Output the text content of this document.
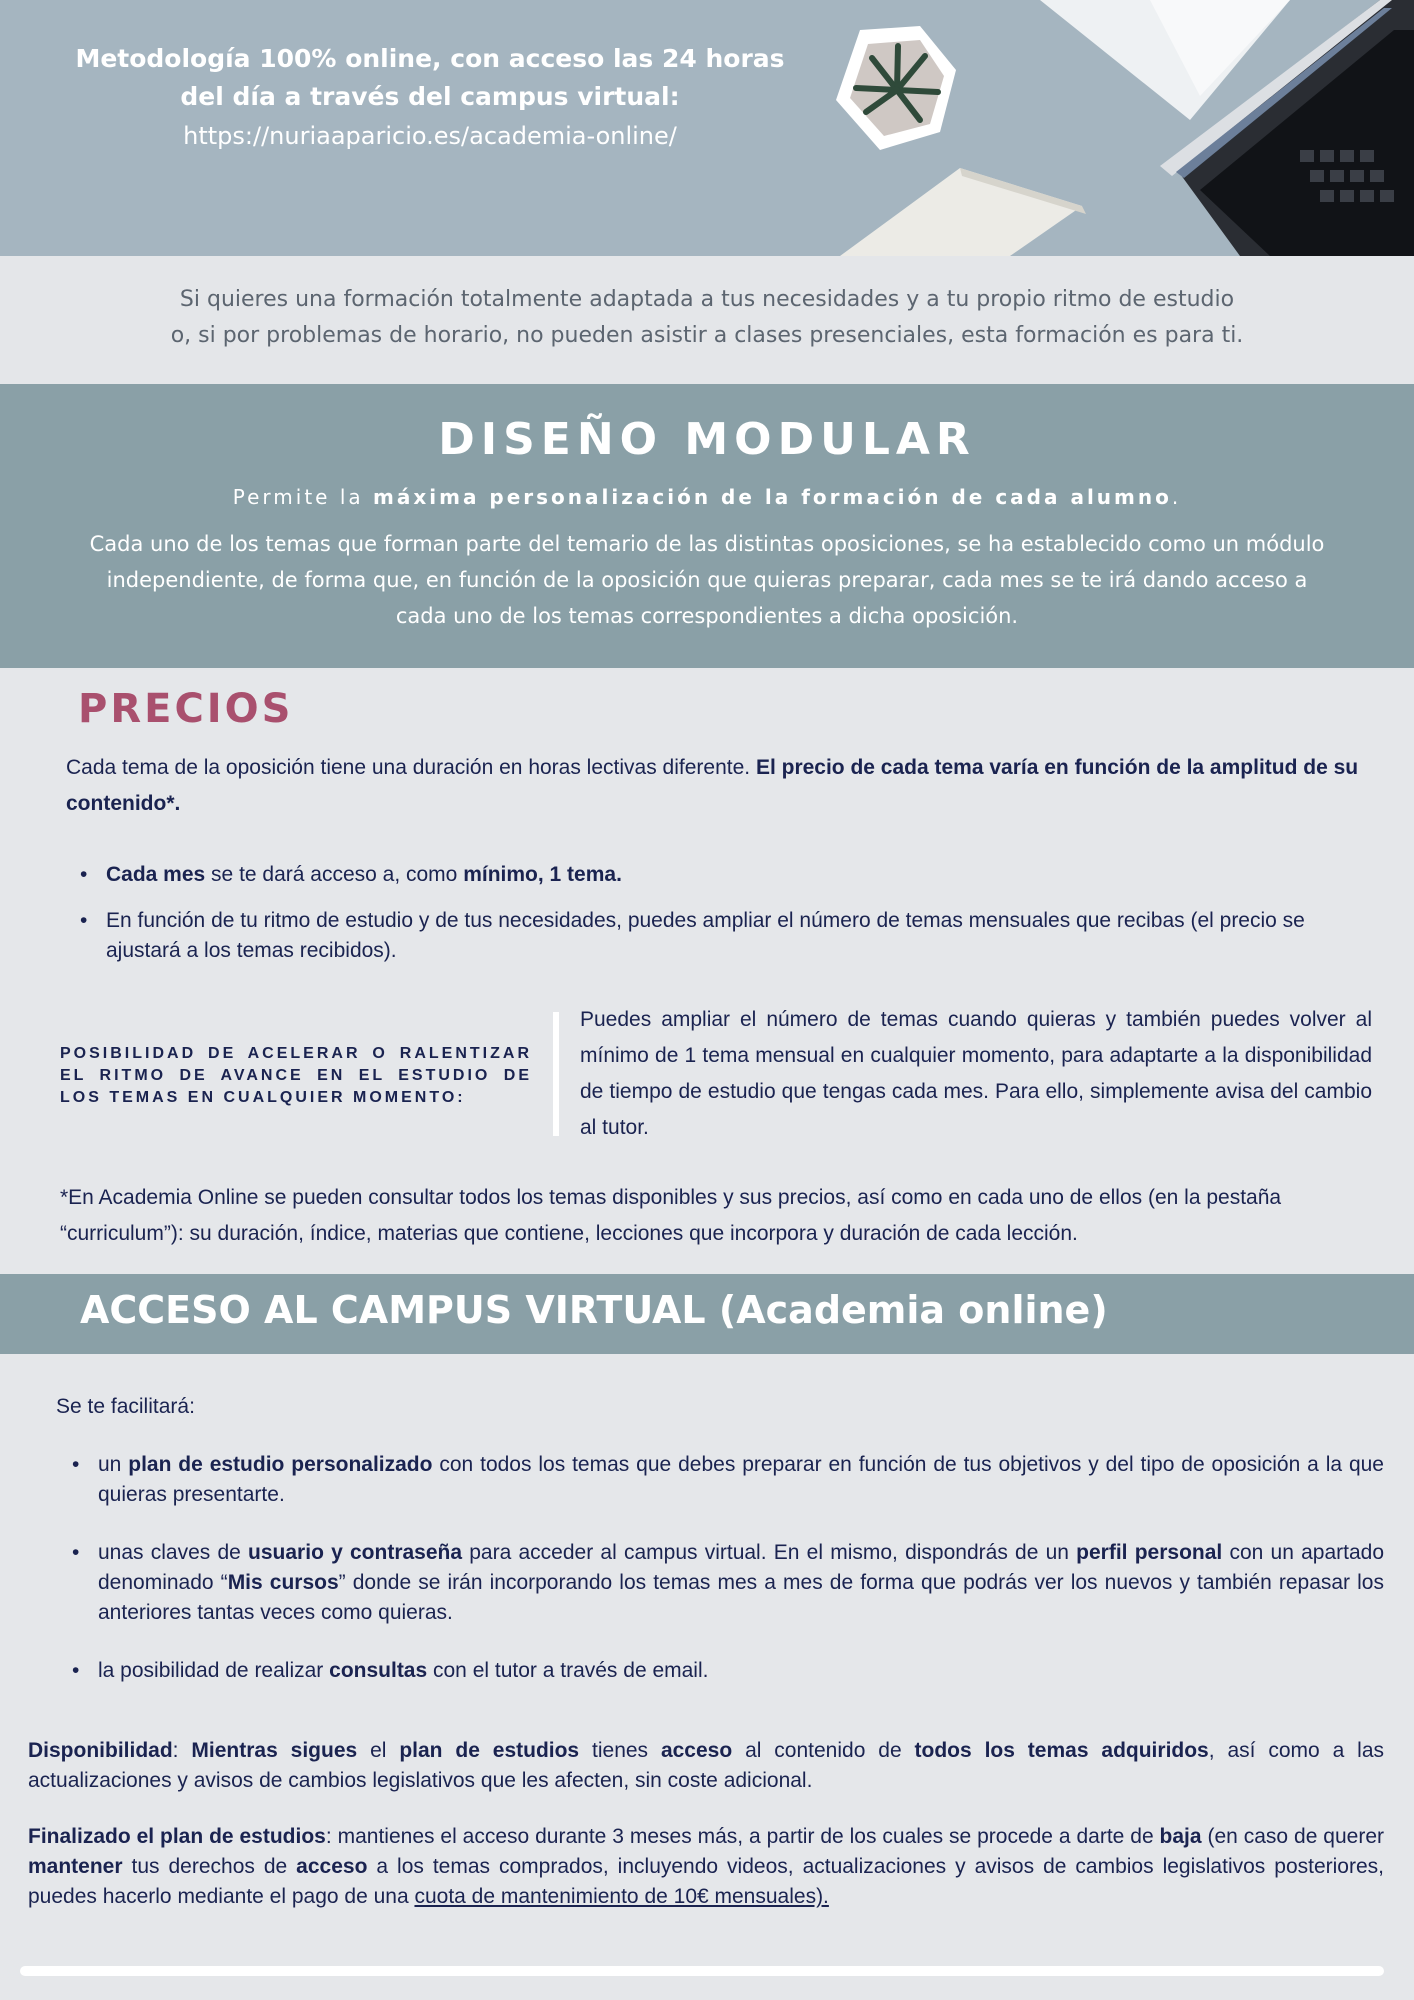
Metodología 100% online, con acceso las 24 horas
del día a través del campus virtual:
https://nuriaaparicio.es/academia-online/

Si quieres una formación totalmente adaptada a tus necesidades y a tu propio ritmo de estudio
o, si por problemas de horario, no pueden asistir a clases presenciales, esta formación es para ti.

DISEÑO MODULAR

Permite la máxima personalización de la formación de cada alumno.

Cada uno de los temas que forman parte del temario de las distintas oposiciones, se ha establecido como un módulo independiente, de forma que, en función de la oposición que quieras preparar, cada mes se te irá dando acceso a cada uno de los temas correspondientes a dicha oposición.

PRECIOS
Cada tema de la oposición tiene una duración en horas lectivas diferente. El precio de cada tema varía en función de la amplitud de su contenido*.
• Cada mes se te dará acceso a, como mínimo, 1 tema.
• En función de tu ritmo de estudio y de tus necesidades, puedes ampliar el número de temas mensuales que recibas (el precio se ajustará a los temas recibidos).
POSIBILIDAD DE ACELERAR O RALENTIZAR EL RITMO DE AVANCE EN EL ESTUDIO DE LOS TEMAS EN CUALQUIER MOMENTO:
Puedes ampliar el número de temas cuando quieras y también puedes volver al mínimo de 1 tema mensual en cualquier momento, para adaptarte a la disponibilidad de tiempo de estudio que tengas cada mes. Para ello, simplemente avisa del cambio al tutor.
*En Academia Online se pueden consultar todos los temas disponibles y sus precios, así como en cada uno de ellos (en la pestaña “curriculum”): su duración, índice, materias que contiene, lecciones que incorpora y duración de cada lección.
ACCESO AL CAMPUS VIRTUAL (Academia online)
Se te facilitará:
• un plan de estudio personalizado con todos los temas que debes preparar en función de tus objetivos y del tipo de oposición a la que quieras presentarte.
• unas claves de usuario y contraseña para acceder al campus virtual. En el mismo, dispondrás de un perfil personal con un apartado denominado “Mis cursos” donde se irán incorporando los temas mes a mes de forma que podrás ver los nuevos y también repasar los anteriores tantas veces como quieras.
• la posibilidad de realizar consultas con el tutor a través de email.
Disponibilidad: Mientras sigues el plan de estudios tienes acceso al contenido de todos los temas adquiridos, así como a las actualizaciones y avisos de cambios legislativos que les afecten, sin coste adicional.
Finalizado el plan de estudios: mantienes el acceso durante 3 meses más, a partir de los cuales se procede a darte de baja (en caso de querer mantener tus derechos de acceso a los temas comprados, incluyendo videos, actualizaciones y avisos de cambios legislativos posteriores, puedes hacerlo mediante el pago de una cuota de mantenimiento de 10€ mensuales).
